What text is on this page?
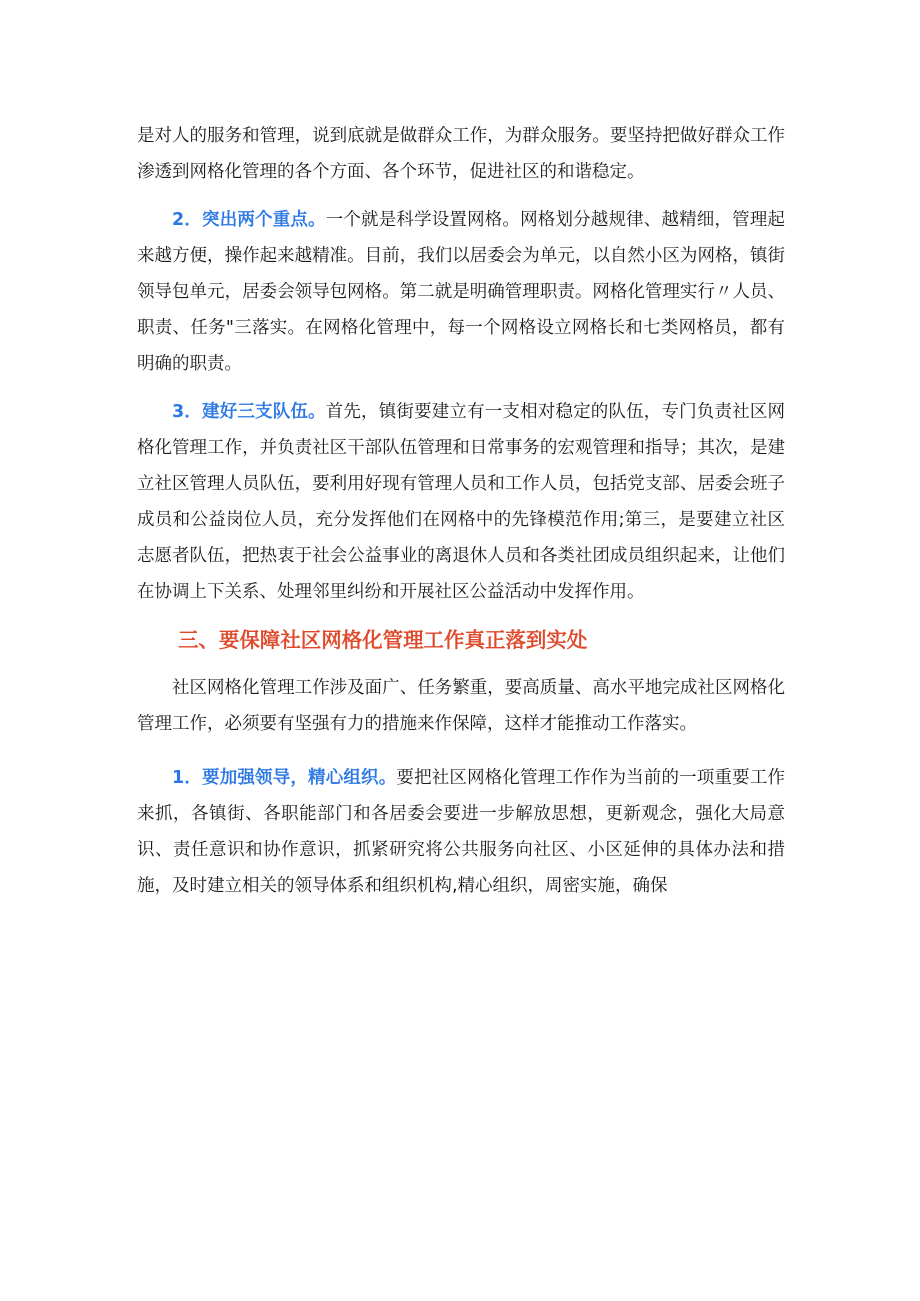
是对人的服务和管理，说到底就是做群众工作，为群众服务。要坚持把做好群众工作渗透到网格化管理的各个方面、各个环节，促进社区的和谐稳定。

2．突出两个重点。一个就是科学设置网格。网格划分越规律、越精细，管理起来越方便，操作起来越精准。目前，我们以居委会为单元，以自然小区为网格，镇街领导包单元，居委会领导包网格。第二就是明确管理职责。网格化管理实行〃人员、职责、任务"三落实。在网格化管理中，每一个网格设立网格长和七类网格员，都有明确的职责。

3．建好三支队伍。首先，镇街要建立有一支相对稳定的队伍，专门负责社区网格化管理工作，并负责社区干部队伍管理和日常事务的宏观管理和指导；其次，是建立社区管理人员队伍，要利用好现有管理人员和工作人员，包括党支部、居委会班子成员和公益岗位人员，充分发挥他们在网格中的先锋模范作用;第三，是要建立社区志愿者队伍，把热衷于社会公益事业的离退休人员和各类社团成员组织起来，让他们在协调上下关系、处理邻里纠纷和开展社区公益活动中发挥作用。

三、要保障社区网格化管理工作真正落到实处

社区网格化管理工作涉及面广、任务繁重，要高质量、高水平地完成社区网格化管理工作，必须要有坚强有力的措施来作保障，这样才能推动工作落实。

1．要加强领导，精心组织。要把社区网格化管理工作作为当前的一项重要工作来抓，各镇街、各职能部门和各居委会要进一步解放思想，更新观念，强化大局意识、责任意识和协作意识，抓紧研究将公共服务向社区、小区延伸的具体办法和措施，及时建立相关的领导体系和组织机构,精心组织，周密实施，确保
